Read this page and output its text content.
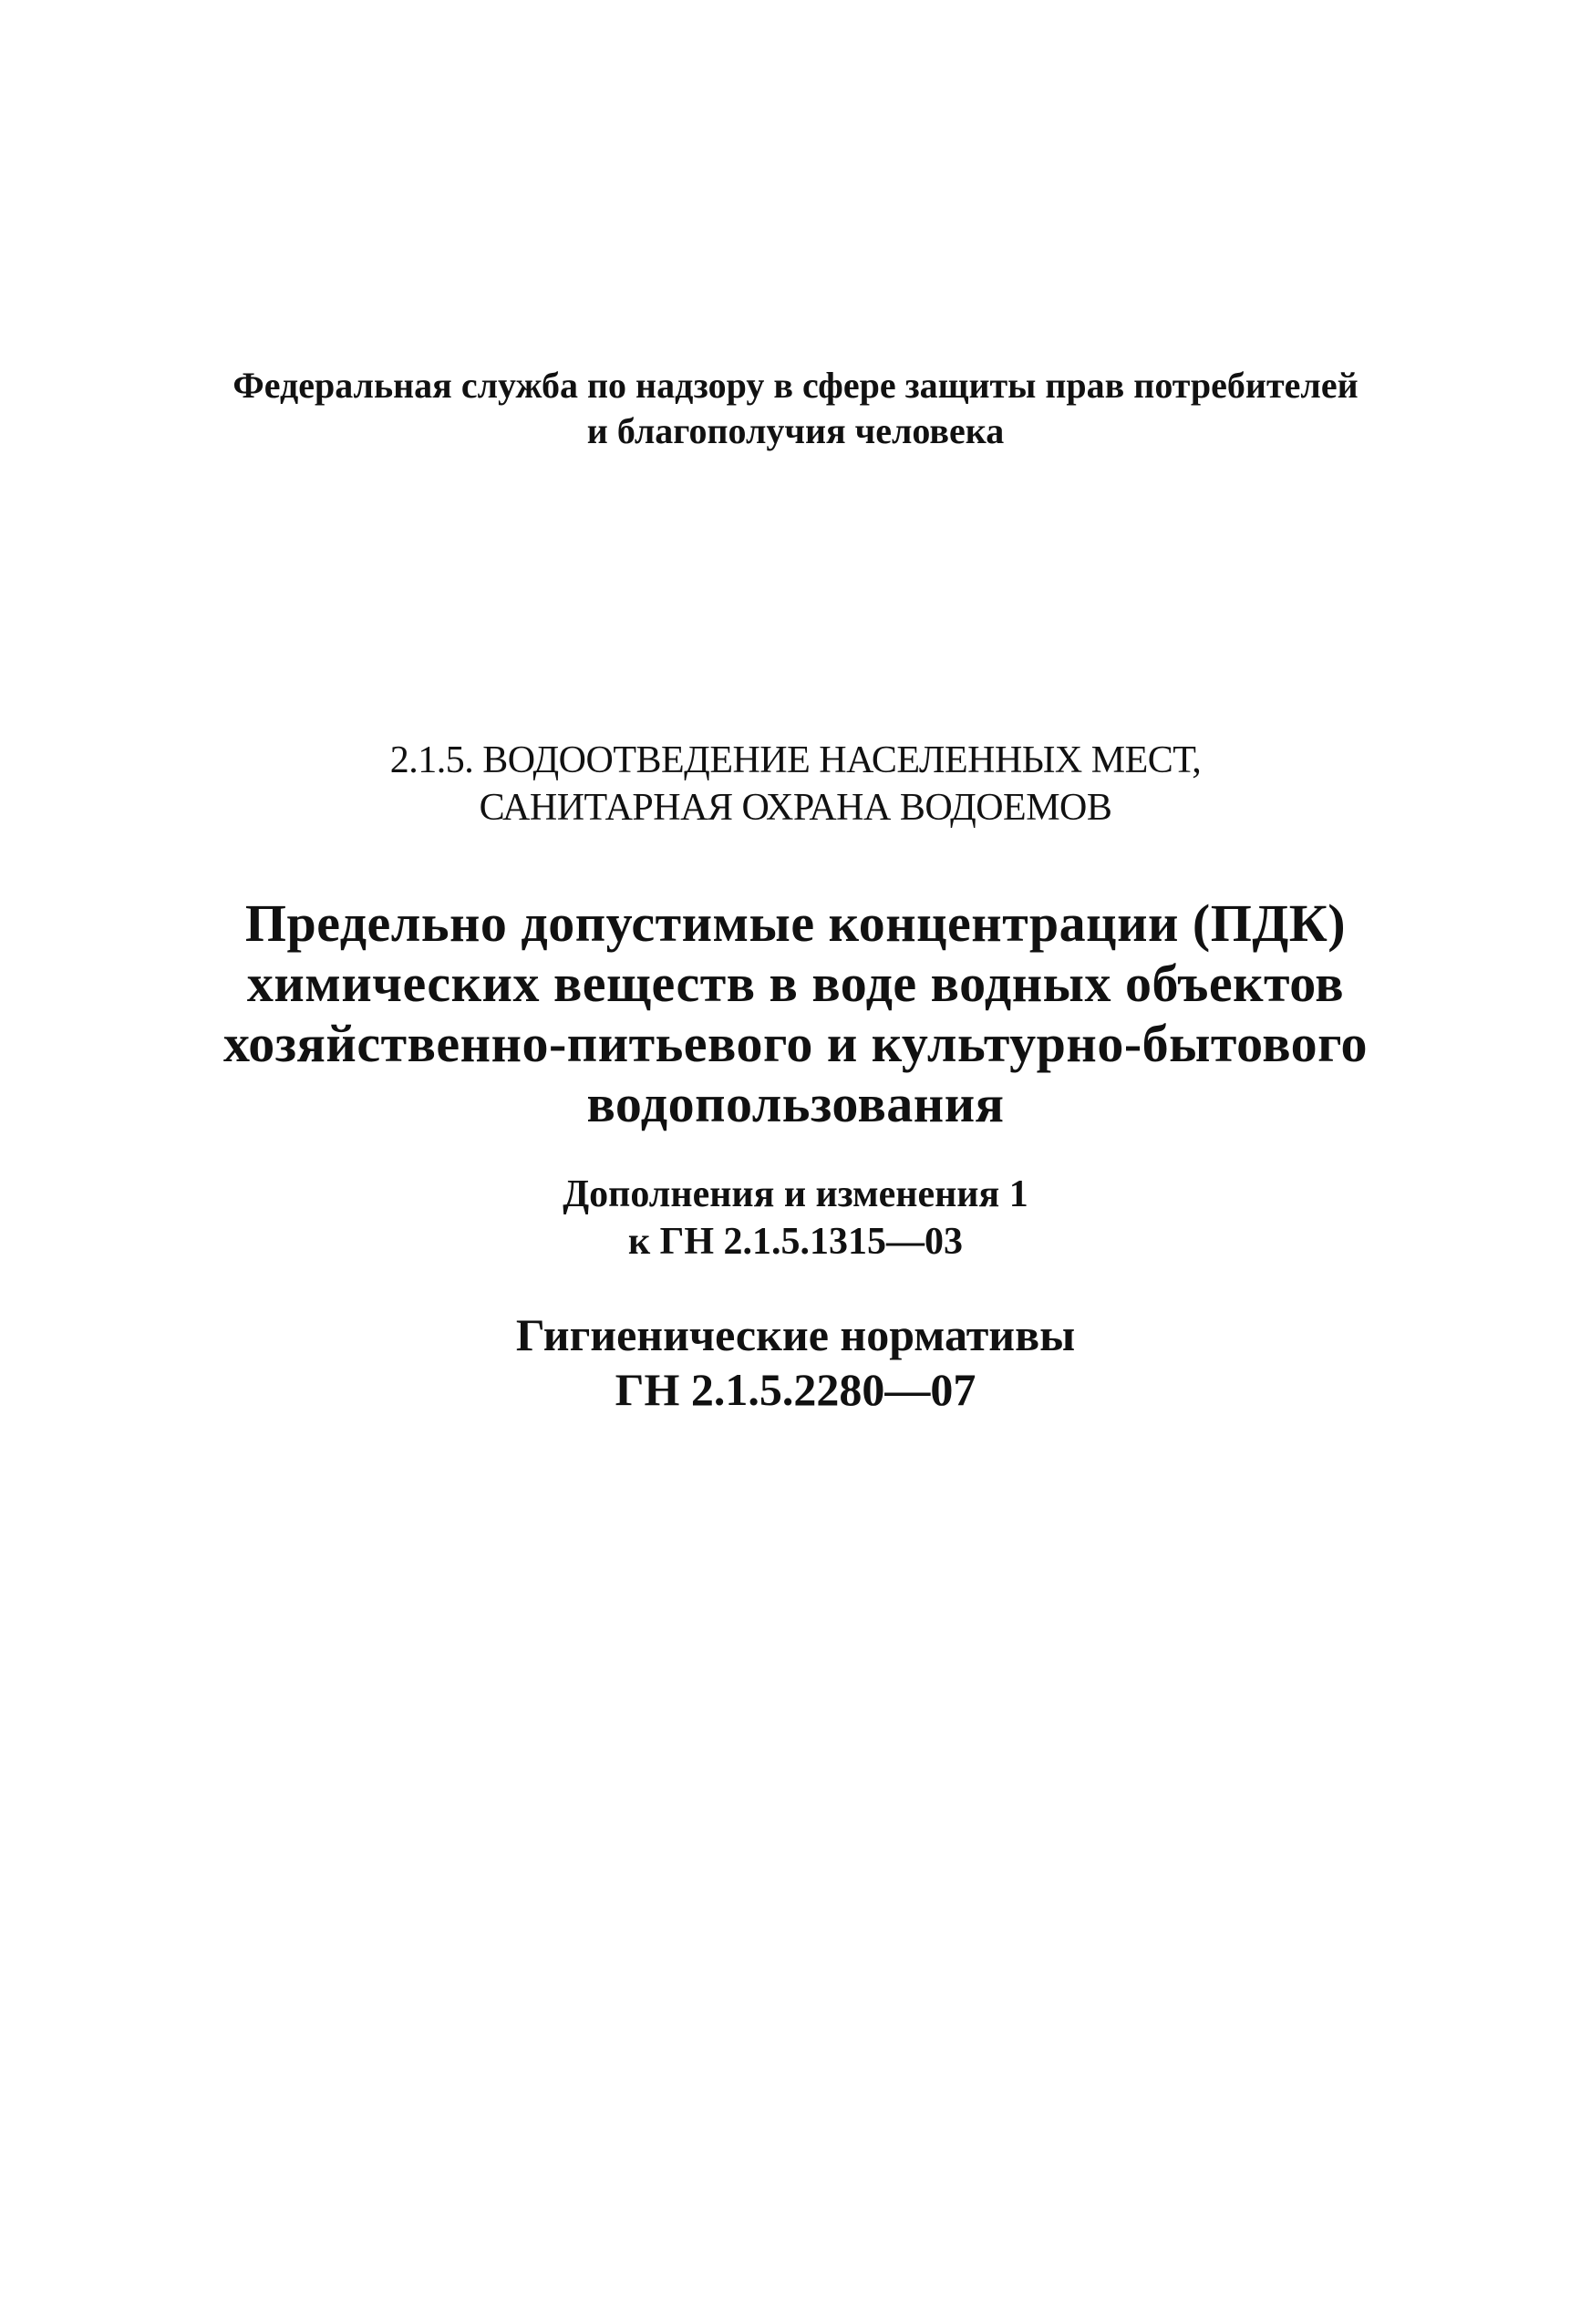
Федеральная служба по надзору в сфере защиты прав потребителей
и благополучия человека
2.1.5. ВОДООТВЕДЕНИЕ НАСЕЛЕННЫХ МЕСТ,
САНИТАРНАЯ ОХРАНА ВОДОЕМОВ
Предельно допустимые концентрации (ПДК)
химических веществ в воде водных объектов
хозяйственно-питьевого и культурно-бытового
водопользования
Дополнения и изменения 1
к ГН 2.1.5.1315—03
Гигиенические нормативы
ГН 2.1.5.2280—07
